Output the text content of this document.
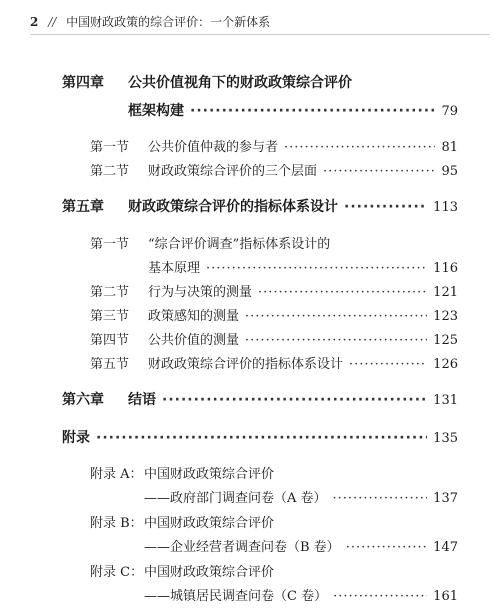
2 // 中国财政政策的综合评价：一个新体系
第四章 公共价值视角下的财政政策综合评价
框架构建 ·····	79
第一节	公共价值仲裁的参与者 ·····	81
第二节	财政政策综合评价的三个层面 ·····	95
第五章	财政政策综合评价的指标体系设计 ·····	113
第一节 “综合评价调查”指标体系设计的
基本原理 ·····	116
第二节	行为与决策的测量 ·····	121
第三节	政策感知的测量 ·····	123
第四节	公共价值的测量 ·····	125
第五节	财政政策综合评价的指标体系设计 ·····	126
第六章	结语 ·····	131
附录 ·····	135
附录 A：中国财政政策综合评价
——政府部门调查问卷（A 卷） ·····	137
附录 B：中国财政政策综合评价
——企业经营者调查问卷（B 卷） ·····	147
附录 C：中国财政政策综合评价
——城镇居民调查问卷（C 卷） ·····	161
